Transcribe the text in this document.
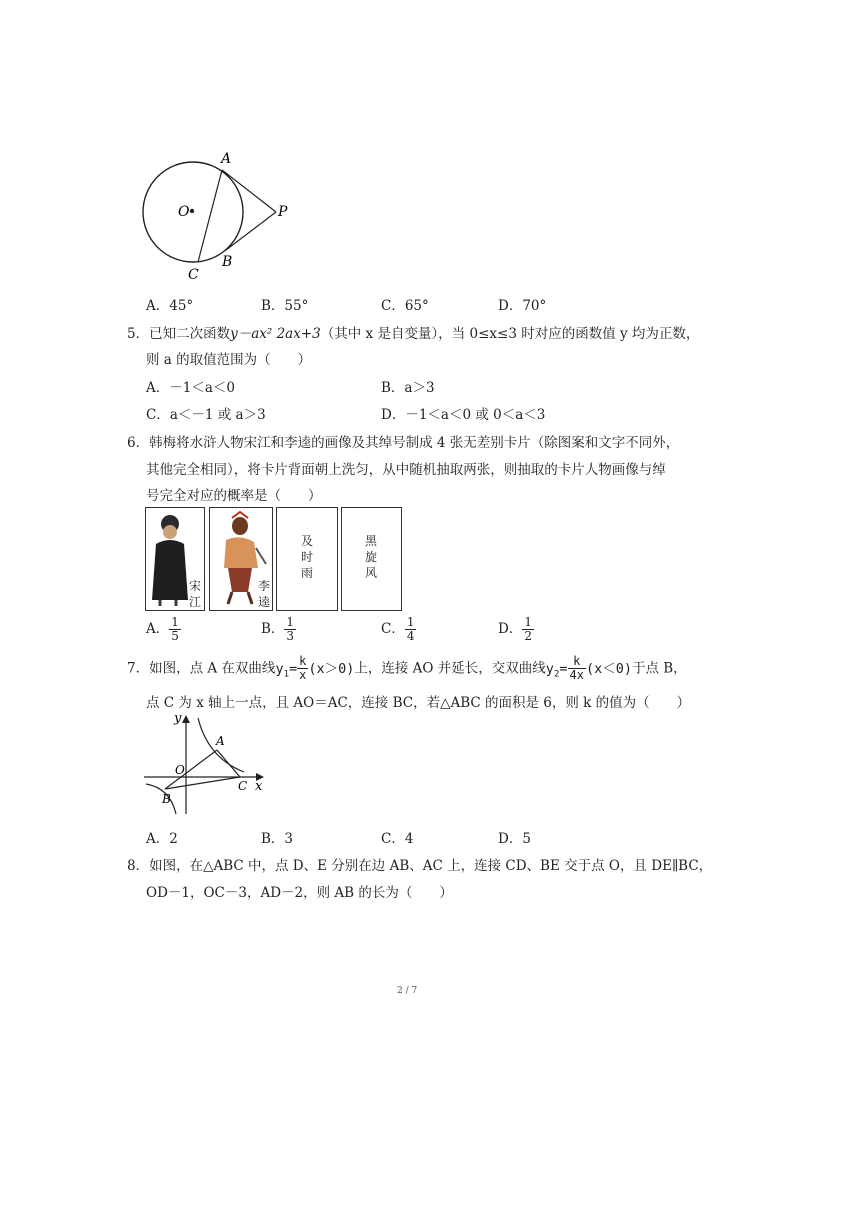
A
O	P
C
B
A．45°	B．55°	C．65°	D．70°
5．已知二次函数y－ax² 2ax+3（其中 x 是自变量），当 0≤x≤3 时对应的函数值 y 均为正数，
则 a 的取值范围为（　　）
A．－1＜a＜0	B．a＞3
C．a＜－1 或 a＞3	D．－1＜a＜0 或 0＜a＜3
6．韩梅将水浒人物宋江和李逵的画像及其绰号制成 4 张无差别卡片（除图案和文字不同外，
其他完全相同），将卡片背面朝上洗匀，从中随机抽取两张，则抽取的卡片人物画像与绰
号完全对应的概率是（　　）
宋
江
李
逵
及
时
雨
黑
旋
风
A． $\frac{1}{5}$	B． $\frac{1}{3}$	C． $\frac{1}{4}$	D． $\frac{1}{2}$
7．如图，点 A 在双曲线$y_1= \frac{k}{x} (x>0)$上，连接 AO 并延长，交双曲线$y_2= \frac{k}{4x} (x<0)$于点 B，
点 C 为 x 轴上一点，且 AO＝AC，连接 BC，若△ABC 的面积是 6，则 k 的值为（　　）
y
A
O
C x
B
A．2	B．3	C．4	D．5
8．如图，在△ABC 中，点 D、E 分别在边 AB、AC 上，连接 CD、BE 交于点 O，且 DE∥BC，
OD－1，OC－3，AD－2，则 AB 的长为（　　）
2 / 7
